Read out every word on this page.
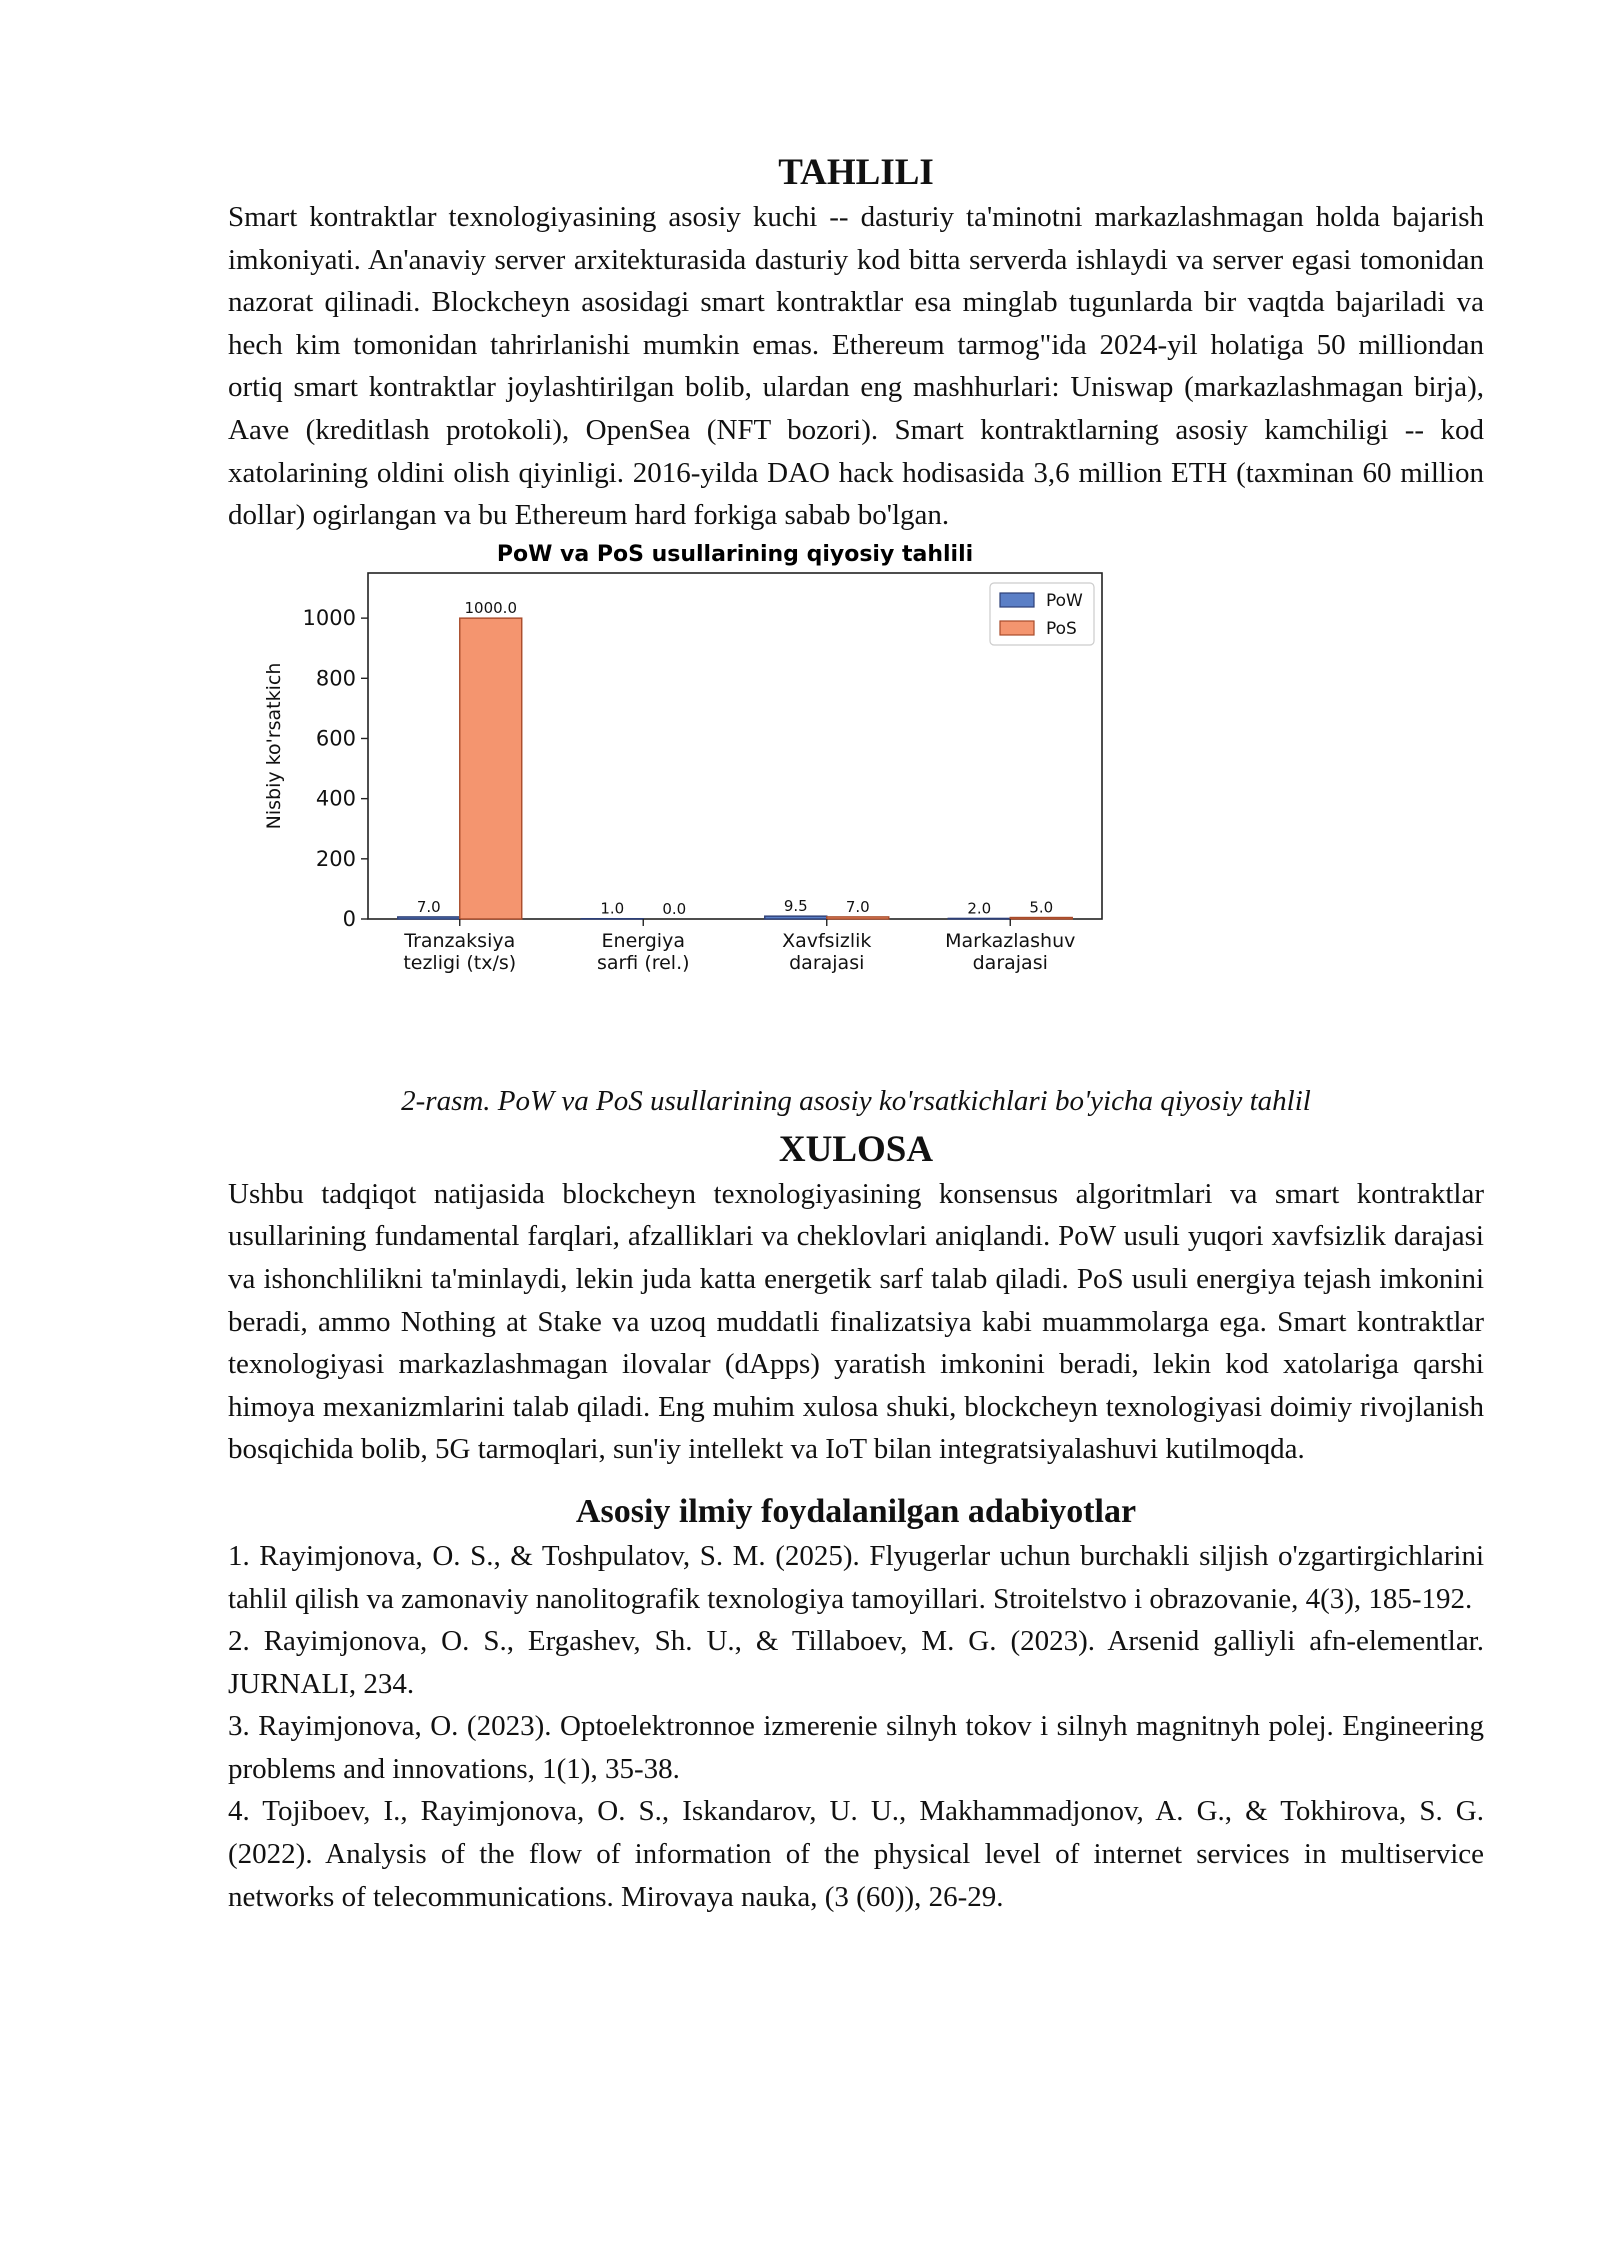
TAHLILI
Smart kontraktlar texnologiyasining asosiy kuchi -- dasturiy ta'minotni markazlashmagan holda bajarish imkoniyati. An'anaviy server arxitekturasida dasturiy kod bitta serverda ishlaydi va server egasi tomonidan nazorat qilinadi. Blockcheyn asosidagi smart kontraktlar esa minglab tugunlarda bir vaqtda bajariladi va hech kim tomonidan tahrirlanishi mumkin emas. Ethereum tarmog"ida 2024-yil holatiga 50 milliondan ortiq smart kontraktlar joylashtirilgan bolib, ulardan eng mashhurlari: Uniswap (markazlashmagan birja), Aave (kreditlash protokoli), OpenSea (NFT bozori). Smart kontraktlarning asosiy kamchiligi -- kod xatolarining oldini olish qiyinligi. 2016-yilda DAO hack hodisasida 3,6 million ETH (taxminan 60 million dollar) ogirlangan va bu Ethereum hard forkiga sabab bo'lgan.
PoW va PoS usullarining qiyosiy tahlili
0
200
400
600
800
1000
Nisbiy ko'rsatkich
7.0
1000.0
Tranzaksiya
tezligi (tx/s)
1.0	0.0
Energiya
sarfi (rel.)
9.5	7.0
Xavfsizlik
darajasi
2.0	5.0
Markazlashuv
darajasi
PoW
PoS
2-rasm. PoW va PoS usullarining asosiy ko'rsatkichlari bo'yicha qiyosiy tahlil
XULOSA
Ushbu tadqiqot natijasida blockcheyn texnologiyasining konsensus algoritmlari va smart kontraktlar usullarining fundamental farqlari, afzalliklari va cheklovlari aniqlandi. PoW usuli yuqori xavfsizlik darajasi va ishonchlilikni ta'minlaydi, lekin juda katta energetik sarf talab qiladi. PoS usuli energiya tejash imkonini beradi, ammo Nothing at Stake va uzoq muddatli finalizatsiya kabi muammolarga ega. Smart kontraktlar texnologiyasi markazlashmagan ilovalar (dApps) yaratish imkonini beradi, lekin kod xatolariga qarshi himoya mexanizmlarini talab qiladi. Eng muhim xulosa shuki, blockcheyn texnologiyasi doimiy rivojlanish bosqichida bolib, 5G tarmoqlari, sun'iy intellekt va IoT bilan integratsiyalashuvi kutilmoqda.
Asosiy ilmiy foydalanilgan adabiyotlar
1. Rayimjonova, O. S., & Toshpulatov, S. M. (2025). Flyugerlar uchun burchakli siljish o'zgartirgichlarini tahlil qilish va zamonaviy nanolitografik texnologiya tamoyillari. Stroitelstvo i obrazovanie, 4(3), 185-192.
2. Rayimjonova, O. S., Ergashev, Sh. U., & Tillaboev, M. G. (2023). Arsenid galliyli afn-elementlar. JURNALI, 234.
3. Rayimjonova, O. (2023). Optoelektronnoe izmerenie silnyh tokov i silnyh magnitnyh polej. Engineering problems and innovations, 1(1), 35-38.
4. Tojiboev, I., Rayimjonova, O. S., Iskandarov, U. U., Makhammadjonov, A. G., & Tokhirova, S. G. (2022). Analysis of the flow of information of the physical level of internet services in multiservice networks of telecommunications. Mirovaya nauka, (3 (60)), 26-29.
